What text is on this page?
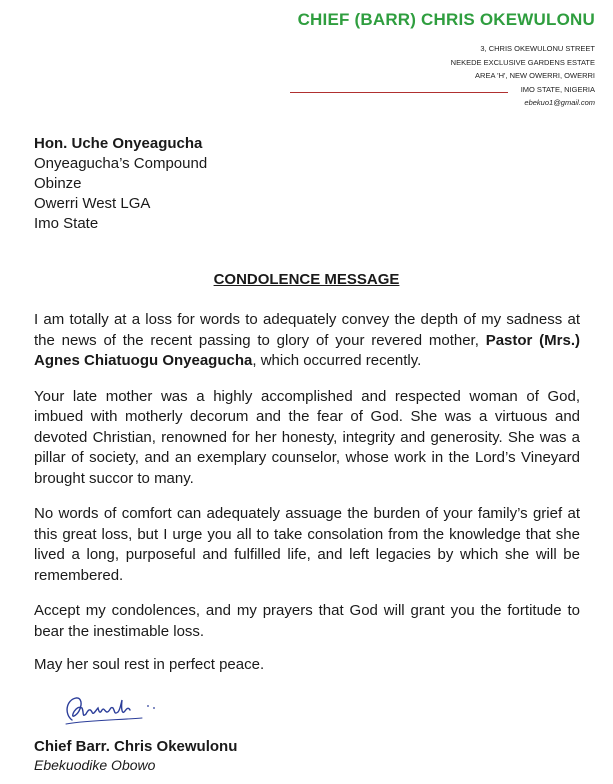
CHIEF (BARR) CHRIS OKEWULONU
3, CHRIS OKEWULONU STREET
NEKEDE EXCLUSIVE GARDENS ESTATE
AREA 'H', NEW OWERRI, OWERRI
IMO STATE, NIGERIA
ebekuo1@gmail.com
Hon. Uche Onyeagucha
Onyeagucha’s Compound
Obinze
Owerri West LGA
Imo State
CONDOLENCE MESSAGE

I am totally at a loss for words to adequately convey the depth of my sadness at the news of the recent passing to glory of your revered mother, Pastor (Mrs.) Agnes Chiatuogu Onyeagucha, which occurred recently.

Your late mother was a highly accomplished and respected woman of God, imbued with motherly decorum and the fear of God. She was a virtuous and devoted Christian, renowned for her honesty, integrity and generosity. She was a pillar of society, and an exemplary counselor, whose work in the Lord’s Vineyard brought succor to many.

No words of comfort can adequately assuage the burden of your family’s grief at this great loss, but I urge you all to take consolation from the knowledge that she lived a long, purposeful and fulfilled life, and left legacies by which she will be remembered.

Accept my condolences, and my prayers that God will grant you the fortitude to bear the inestimable loss.

May her soul rest in perfect peace.

Chief Barr. Chris Okewulonu
Ebekuodike Obowo
